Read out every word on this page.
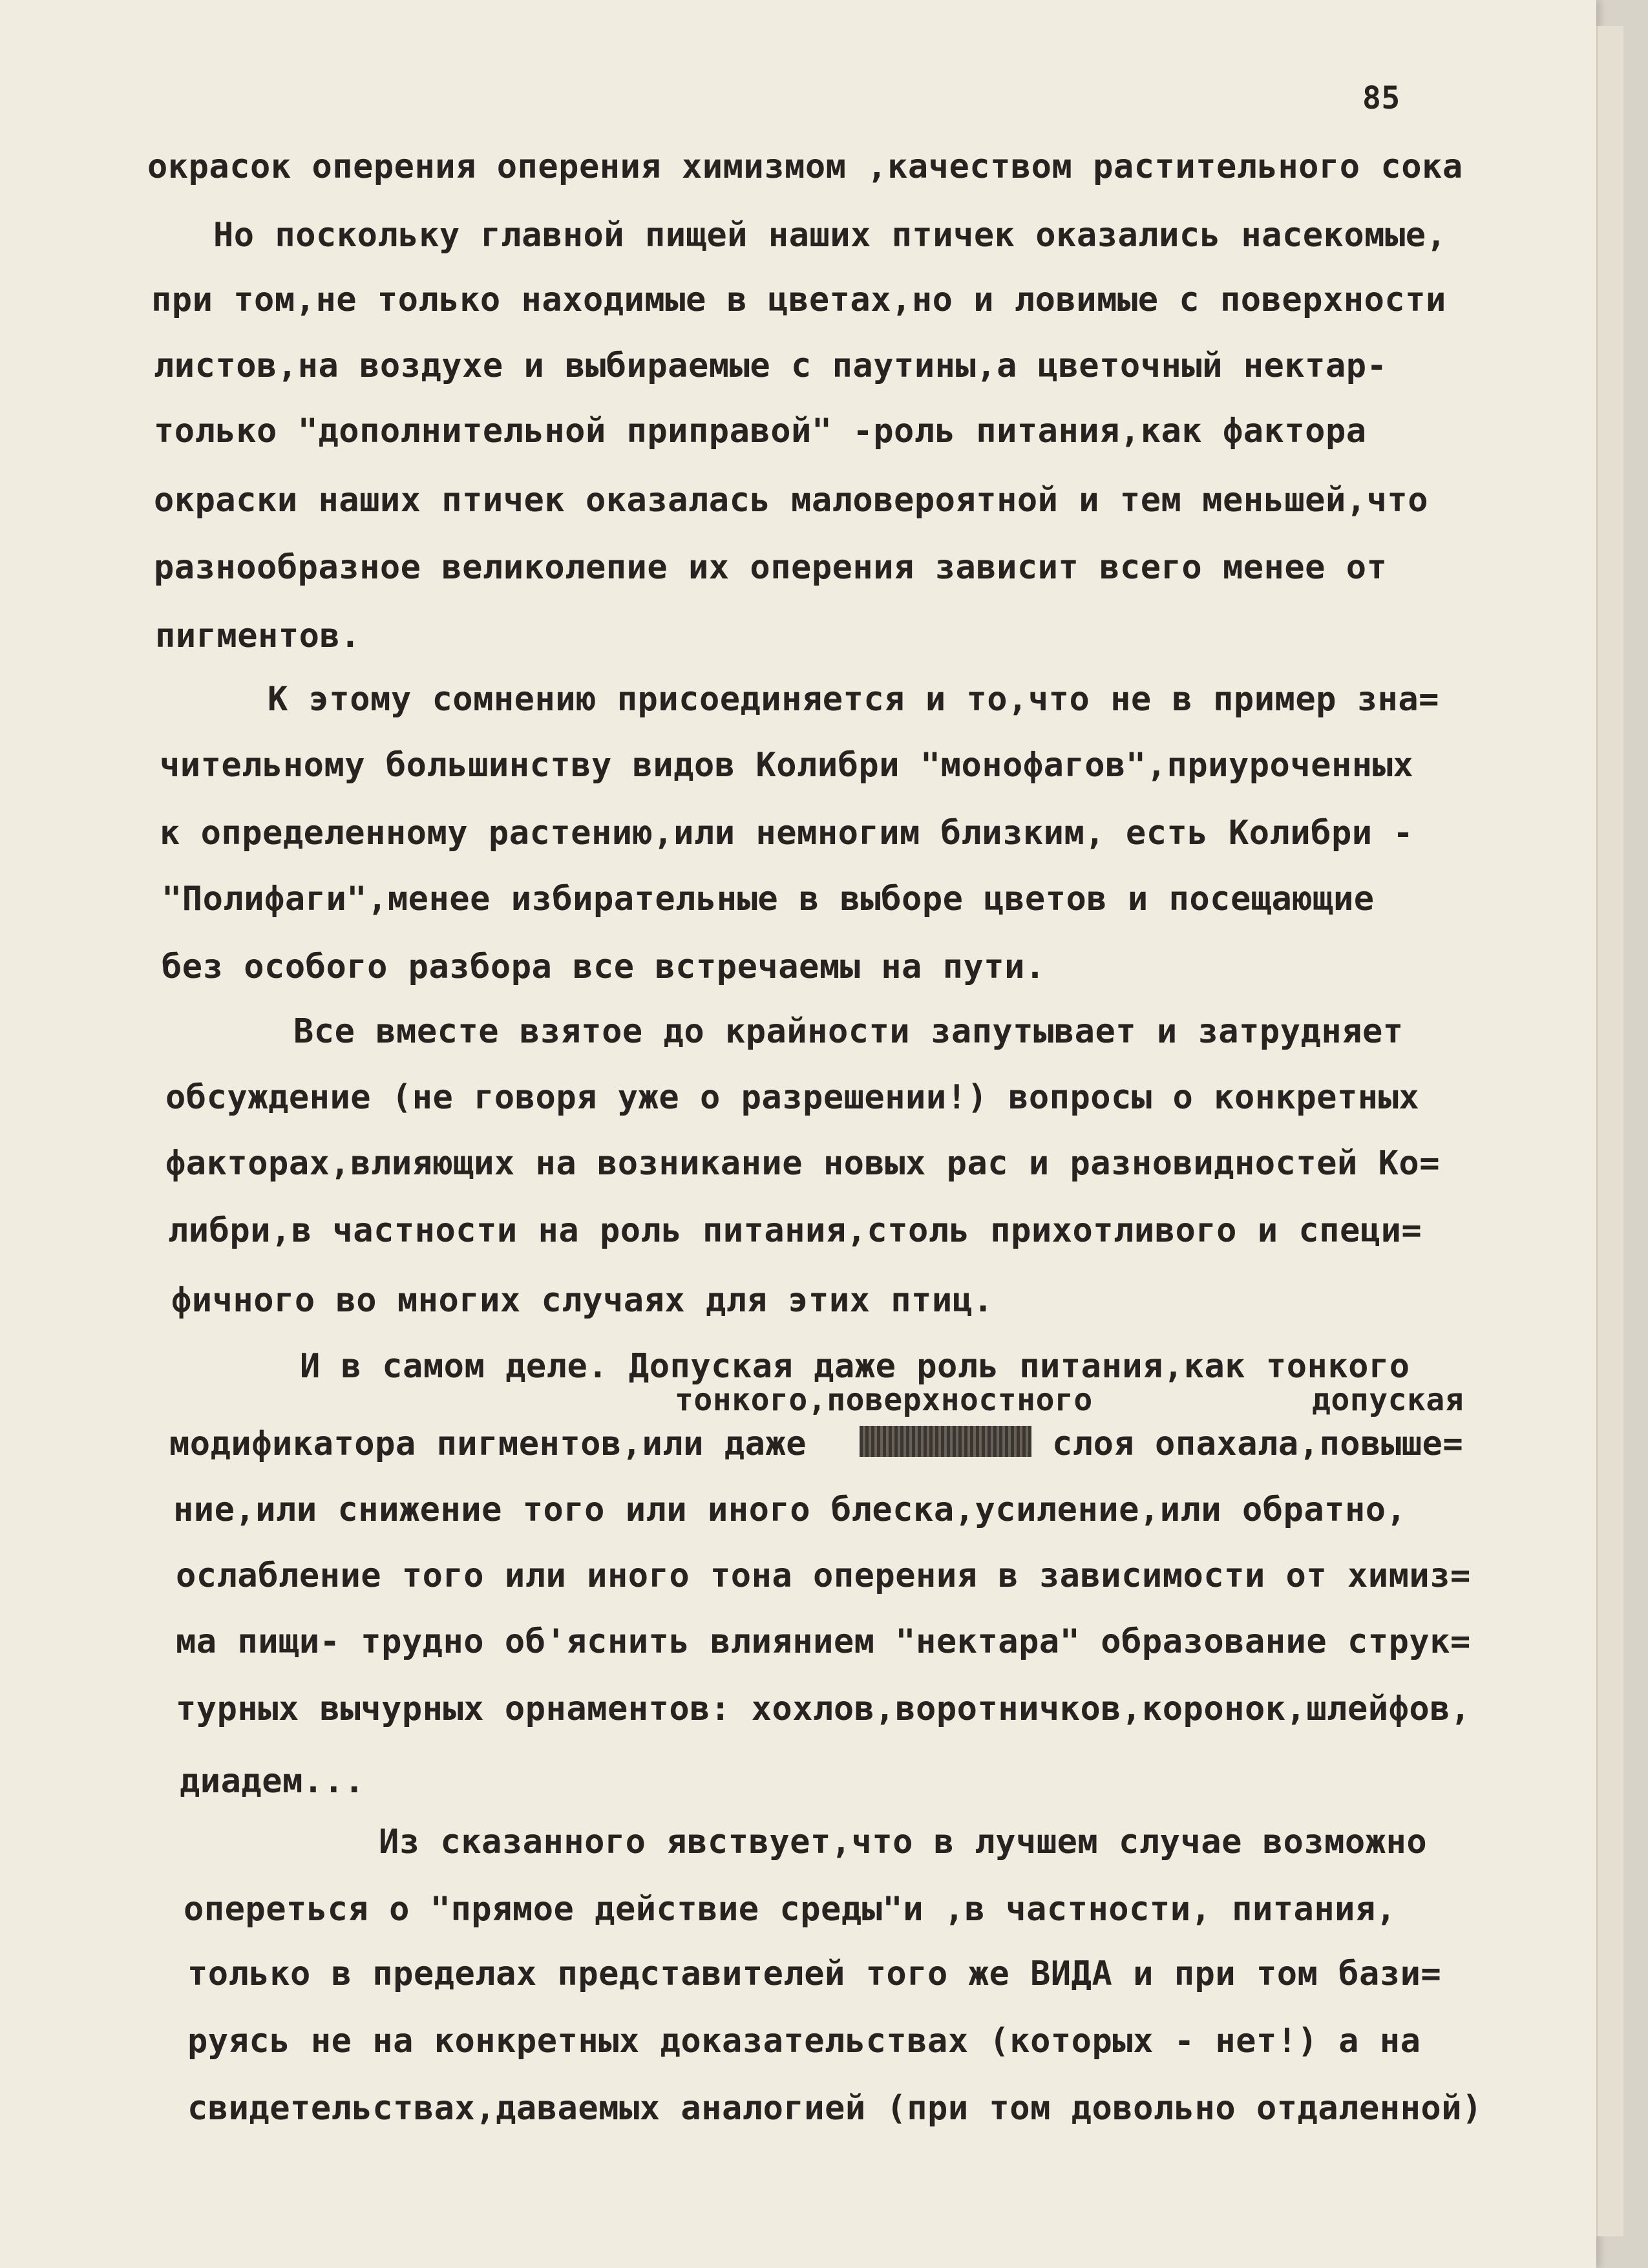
85
окрасок оперения оперения химизмом ,качеством растительного сока
Но поскольку главной пищей наших птичек оказались насекомые,
при том,не только находимые в цветах,но и ловимые с поверхности
листов,на воздухе и выбираемые с паутины,а цветочный нектар-
только "дополнительной приправой" -роль питания,как фактора
окраски наших птичек оказалась маловероятной и тем меньшей,что
разнообразное великолепие их оперения зависит всего менее от
пигментов.
К этому сомнению присоединяется и то,что не в пример зна=
чительному большинству видов Колибри "монофагов",приуроченных
к определенному растению,или немногим близким, есть Колибри -
"Полифаги",менее избирательные в выборе цветов и посещающие
без особого разбора все встречаемы на пути.
Все вместе взятое до крайности запутывает и затрудняет
обсуждение (не говоря уже о разрешении!) вопросы о конкретных
факторах,влияющих на возникание новых рас и разновидностей Ко=
либри,в частности на роль питания,столь прихотливого и специ=
фичного во многих случаях для этих птиц.
И в самом деле. Допуская даже роль питания,как тонкого
тонкого,поверхностного	допуская
модификатора пигментов,или даже	слоя опахала,повыше=
ние,или снижение того или иного блеска,усиление,или обратно,
ослабление того или иного тона оперения в зависимости от химиз=
ма пищи- трудно об'яснить влиянием "нектара" образование струк=
турных вычурных орнаментов: хохлов,воротничков,коронок,шлейфов,
диадем...
Из сказанного явствует,что в лучшем случае возможно
опереться о "прямое действие среды"и ,в частности, питания,
только в пределах представителей того же ВИДА и при том бази=
руясь не на конкретных доказательствах (которых - нет!) а на
свидетельствах,даваемых аналогией (при том довольно отдаленной)
